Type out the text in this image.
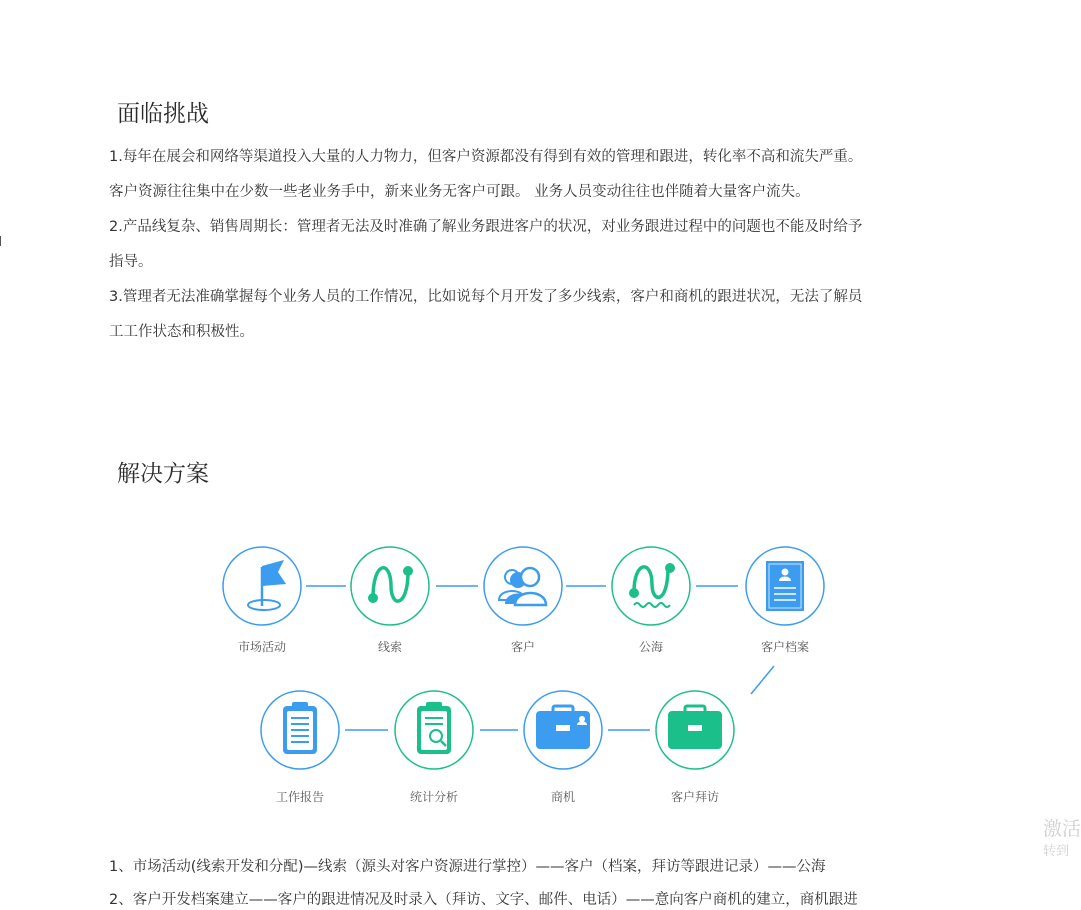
面临挑战

1.每年在展会和网络等渠道投入大量的人力物力，但客户资源都没有得到有效的管理和跟进，转化率不高和流失严重。

客户资源往往集中在少数一些老业务手中，新来业务无客户可跟。 业务人员变动往往也伴随着大量客户流失。

2.产品线复杂、销售周期长：管理者无法及时准确了解业务跟进客户的状况，对业务跟进过程中的问题也不能及时给予

指导。

3.管理者无法准确掌握每个业务人员的工作情况，比如说每个月开发了多少线索，客户和商机的跟进状况，无法了解员

工工作状态和积极性。

解决方案
市场活动	线索	客户	公海	客户档案
工作报告	统计分析	商机	客户拜访

1、市场活动(线索开发和分配)—线索（源头对客户资源进行掌控）——客户（档案，拜访等跟进记录）——公海

2、客户开发档案建立——客户的跟进情况及时录入（拜访、文字、邮件、电话）——意向客户商机的建立，商机跟进

激活
转到
